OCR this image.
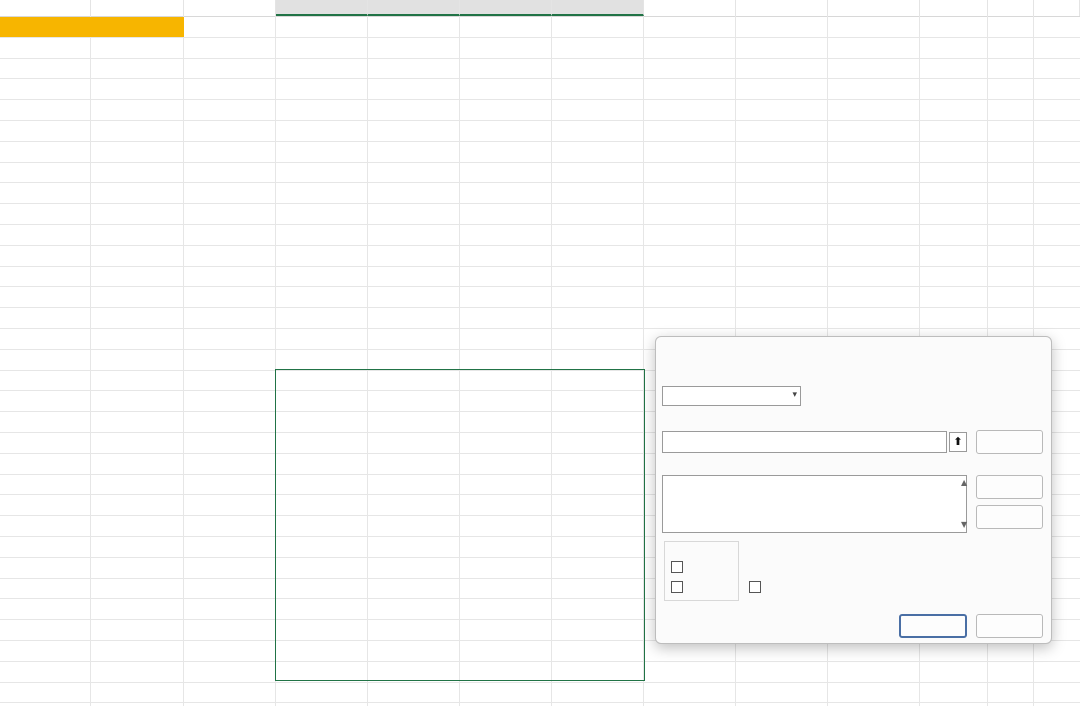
▾
⬆
▲
▼
